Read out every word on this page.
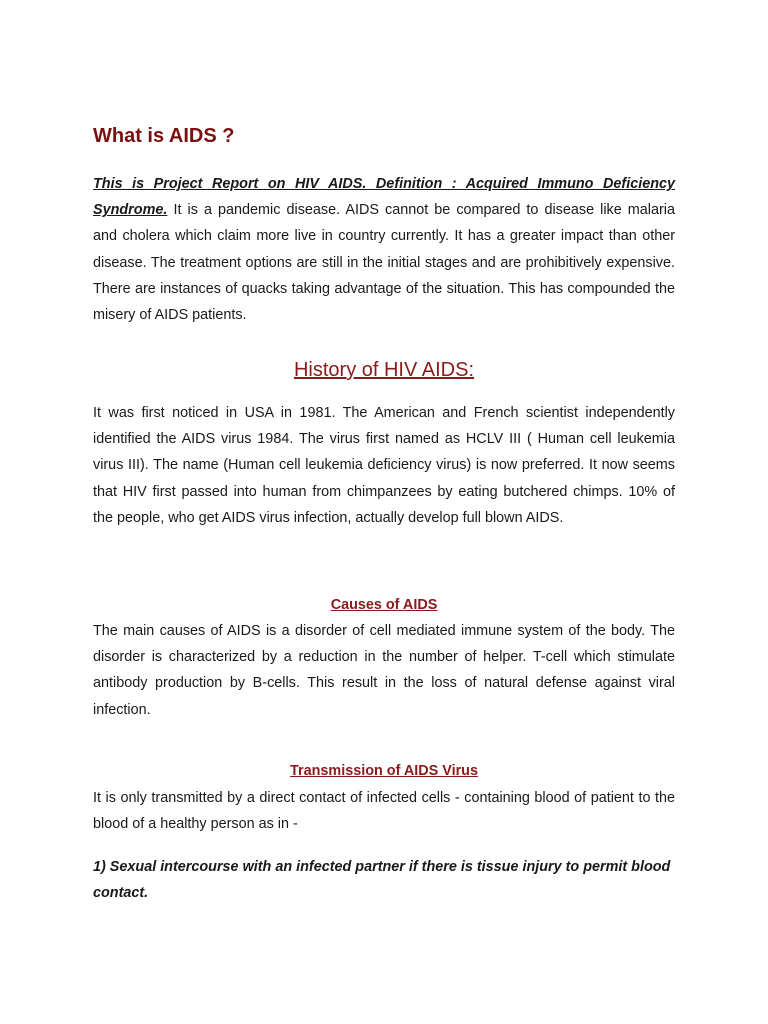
What is AIDS ?

This is Project Report on HIV AIDS. Definition : Acquired Immuno Deficiency Syndrome. It is a pandemic disease. AIDS cannot be compared to disease like malaria and cholera which claim more live in country currently. It has a greater impact than other disease. The treatment options are still in the initial stages and are prohibitively expensive. There are instances of quacks taking advantage of the situation. This has compounded the misery of AIDS patients.

History of HIV AIDS:

It was first noticed in USA in 1981. The American and French scientist independently identified the AIDS virus 1984. The virus first named as HCLV III ( Human cell leukemia virus III). The name (Human cell leukemia deficiency virus) is now preferred. It now seems that HIV first passed into human from chimpanzees by eating butchered chimps. 10% of the people, who get AIDS virus infection, actually develop full blown AIDS.

Causes of AIDS

The main causes of AIDS is a disorder of cell mediated immune system of the body. The disorder is characterized by a reduction in the number of helper. T-cell which stimulate antibody production by B-cells. This result in the loss of natural defense against viral infection.

Transmission of AIDS Virus

It is only transmitted by a direct contact of infected cells - containing blood of patient to the blood of a healthy person as in -

1) Sexual intercourse with an infected partner if there is tissue injury to permit blood contact.
